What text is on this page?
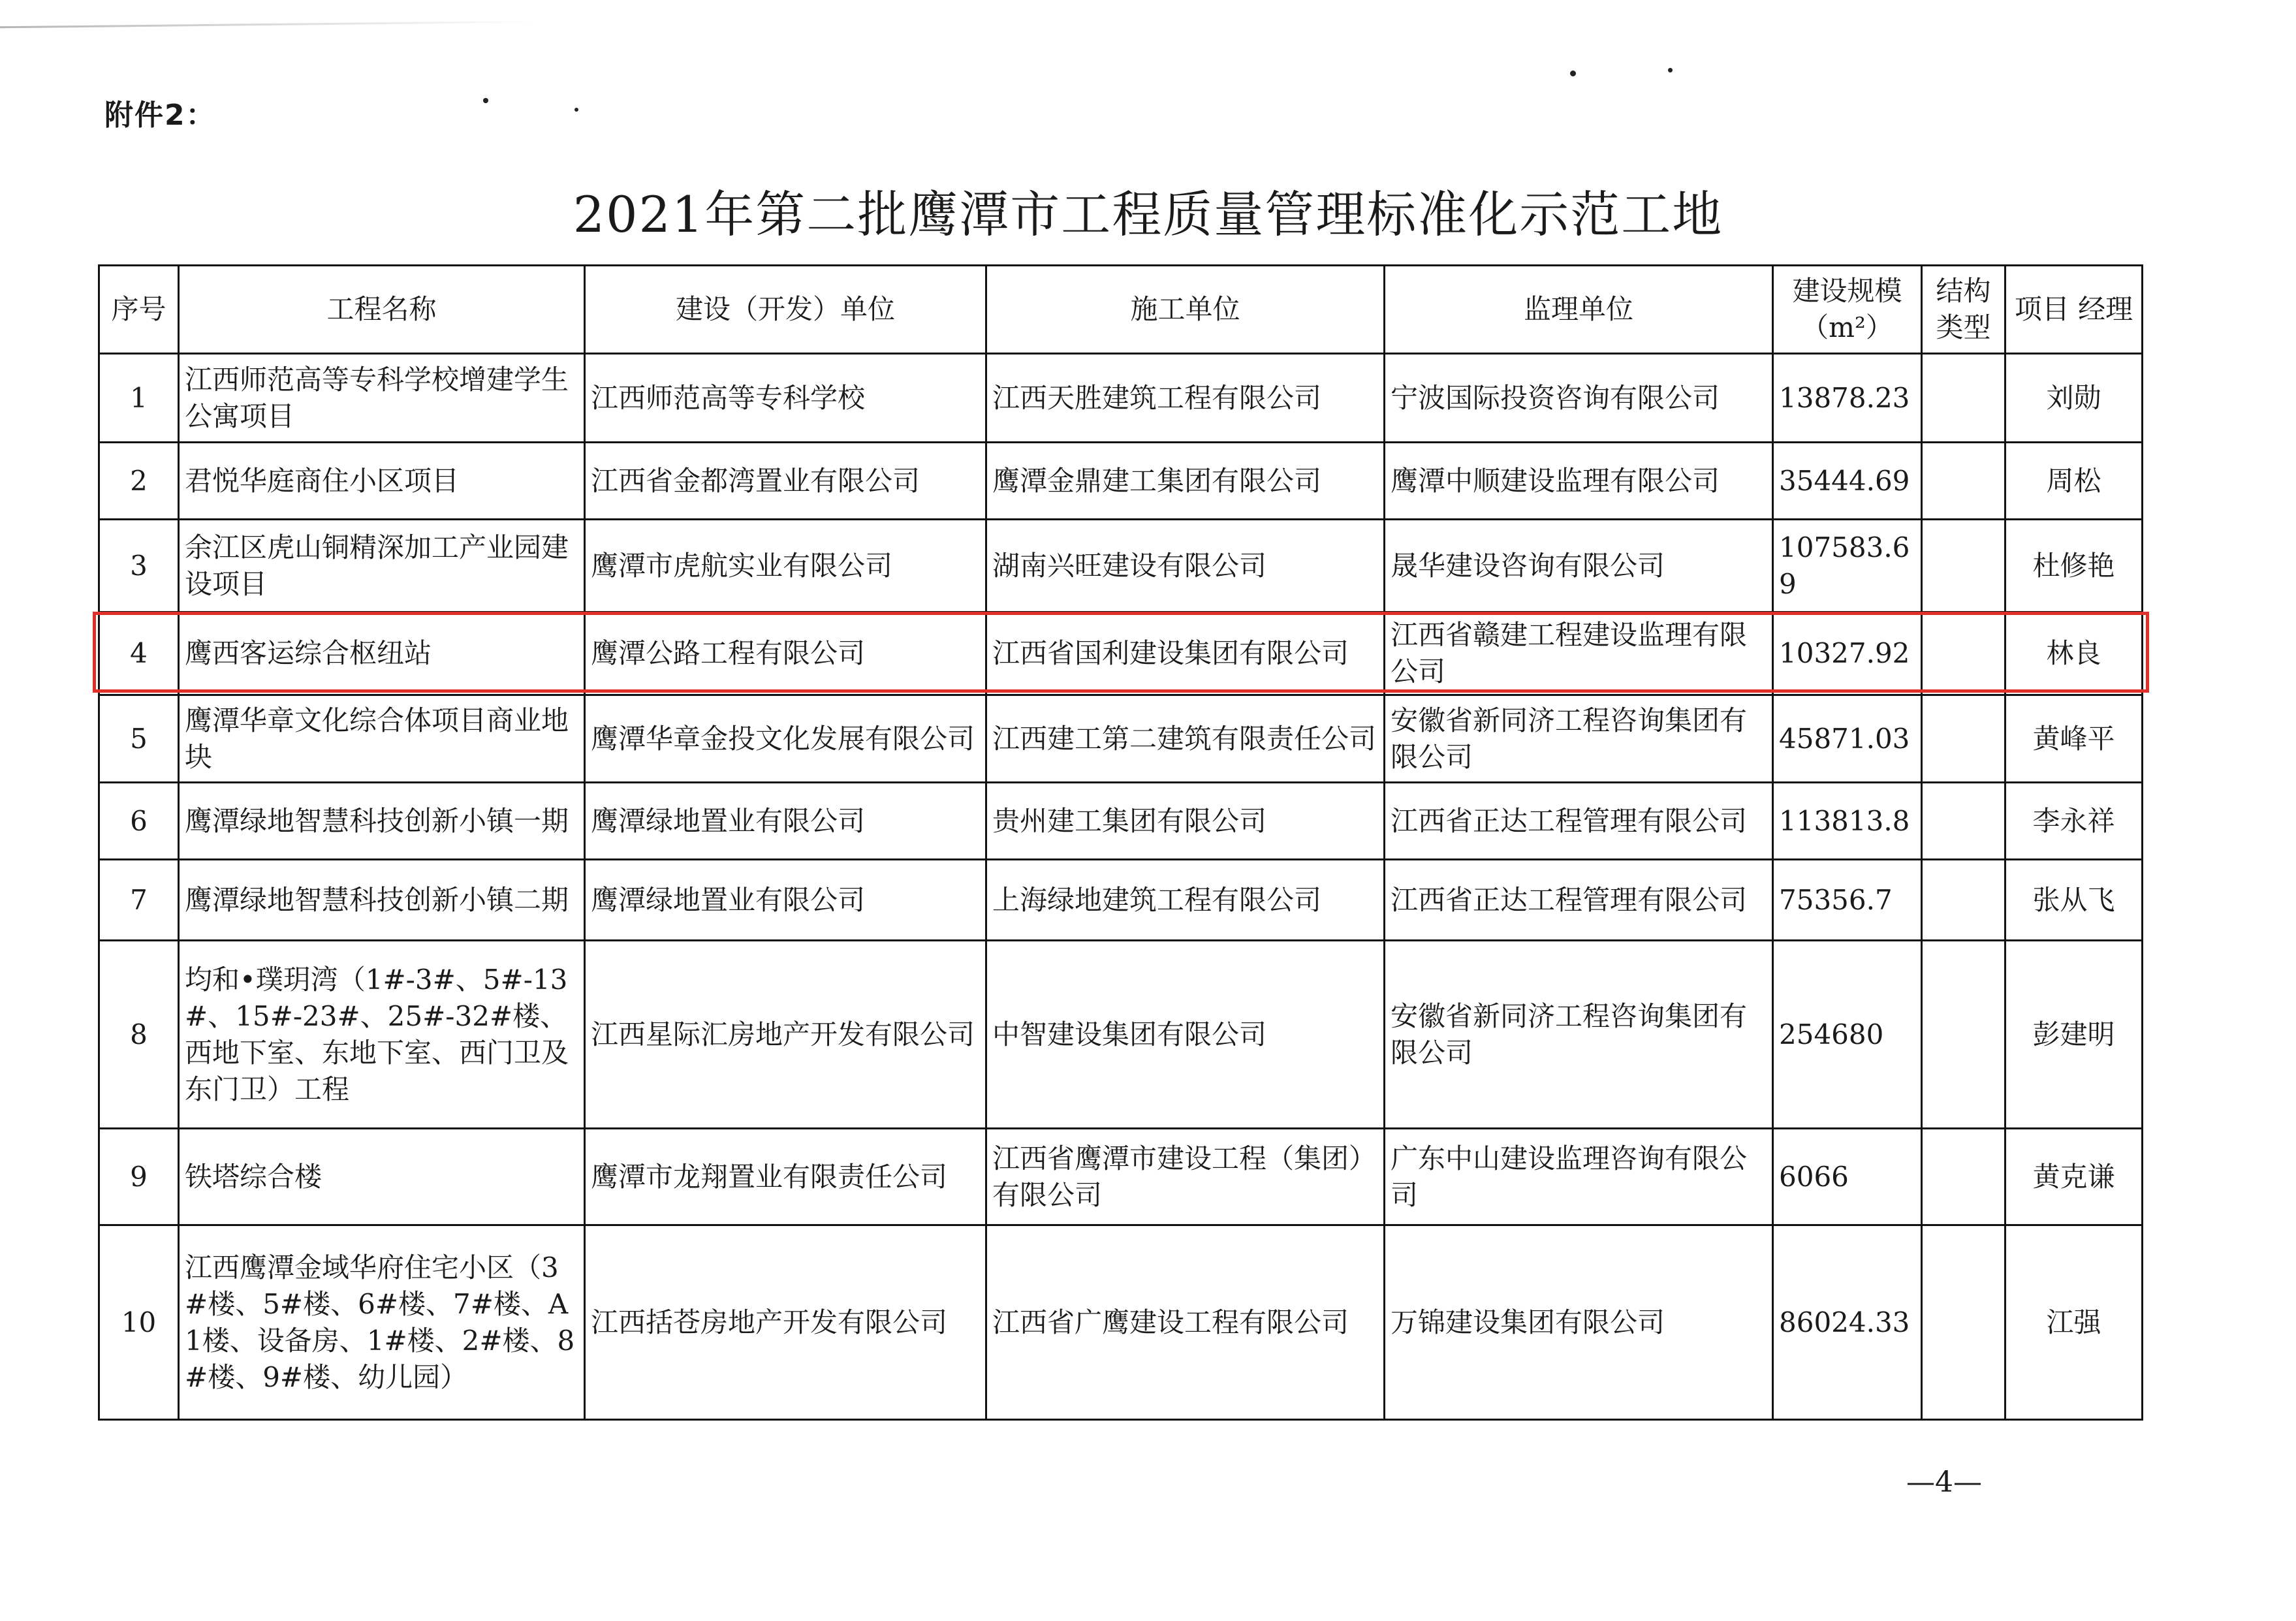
附件2：
2021年第二批鹰潭市工程质量管理标准化示范工地
序号	工程名称	建设（开发）单位	施工单位	监理单位	建设规模（m²）	结构类型	项目 经理
1	江西师范高等专科学校增建学生公寓项目	江西师范高等专科学校	江西天胜建筑工程有限公司	宁波国际投资咨询有限公司	13878.23		刘勋
2	君悦华庭商住小区项目	江西省金都湾置业有限公司	鹰潭金鼎建工集团有限公司	鹰潭中顺建设监理有限公司	35444.69		周松
3	余江区虎山铜精深加工产业园建设项目	鹰潭市虎航实业有限公司	湖南兴旺建设有限公司	晟华建设咨询有限公司	107583.69		杜修艳
4	鹰西客运综合枢纽站	鹰潭公路工程有限公司	江西省国利建设集团有限公司	江西省赣建工程建设监理有限公司	10327.92		林良
5	鹰潭华章文化综合体项目商业地块	鹰潭华章金投文化发展有限公司	江西建工第二建筑有限责任公司	安徽省新同济工程咨询集团有限公司	45871.03		黄峰平
6	鹰潭绿地智慧科技创新小镇一期	鹰潭绿地置业有限公司	贵州建工集团有限公司	江西省正达工程管理有限公司	113813.8		李永祥
7	鹰潭绿地智慧科技创新小镇二期	鹰潭绿地置业有限公司	上海绿地建筑工程有限公司	江西省正达工程管理有限公司	75356.7		张从飞
8	均和•璞玥湾（1#-3#、5#-13#、15#-23#、25#-32#楼、西地下室、东地下室、西门卫及东门卫）工程	江西星际汇房地产开发有限公司	中智建设集团有限公司	安徽省新同济工程咨询集团有限公司	254680		彭建明
9	铁塔综合楼	鹰潭市龙翔置业有限责任公司	江西省鹰潭市建设工程（集团）有限公司	广东中山建设监理咨询有限公司	6066		黄克谦
10	江西鹰潭金域华府住宅小区（3#楼、5#楼、6#楼、7#楼、A1楼、设备房、1#楼、2#楼、8#楼、9#楼、幼儿园）	江西括苍房地产开发有限公司	江西省广鹰建设工程有限公司	万锦建设集团有限公司	86024.33		江强
—4—
